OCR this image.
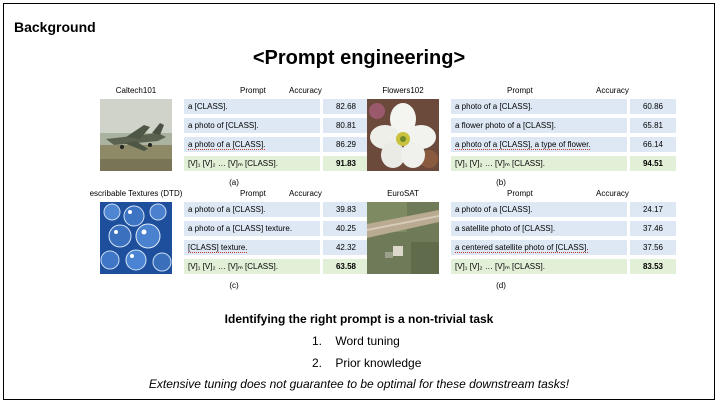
Background
<Prompt engineering>
Caltech101	Prompt	Accuracy
a [CLASS].	82.68
a photo of [CLASS].	80.81
a photo of a [CLASS].	86.29
[V]₁ [V]₂ … [V]ₘ [CLASS].	91.83
(a)
Flowers102	Prompt	Accuracy
a photo of a [CLASS].	60.86
a flower photo of a [CLASS].	65.81
a photo of a [CLASS], a type of flower.	66.14
[V]₁ [V]₂ … [V]ₘ [CLASS].	94.51
(b)
escribable Textures (DTD)	Prompt	Accuracy
a photo of a [CLASS].	39.83
a photo of a [CLASS] texture.	40.25
[CLASS] texture.	42.32
[V]₁ [V]₂ … [V]ₘ [CLASS].	63.58
(c)
EuroSAT	Prompt	Accuracy
a photo of a [CLASS].	24.17
a satellite photo of [CLASS].	37.46
a centered satellite photo of [CLASS].	37.56
[V]₁ [V]₂ … [V]ₘ [CLASS].	83.53
(d)
Identifying the right prompt is a non-trivial task
1. Word tuning
2. Prior knowledge
Extensive tuning does not guarantee to be optimal for these downstream tasks!
